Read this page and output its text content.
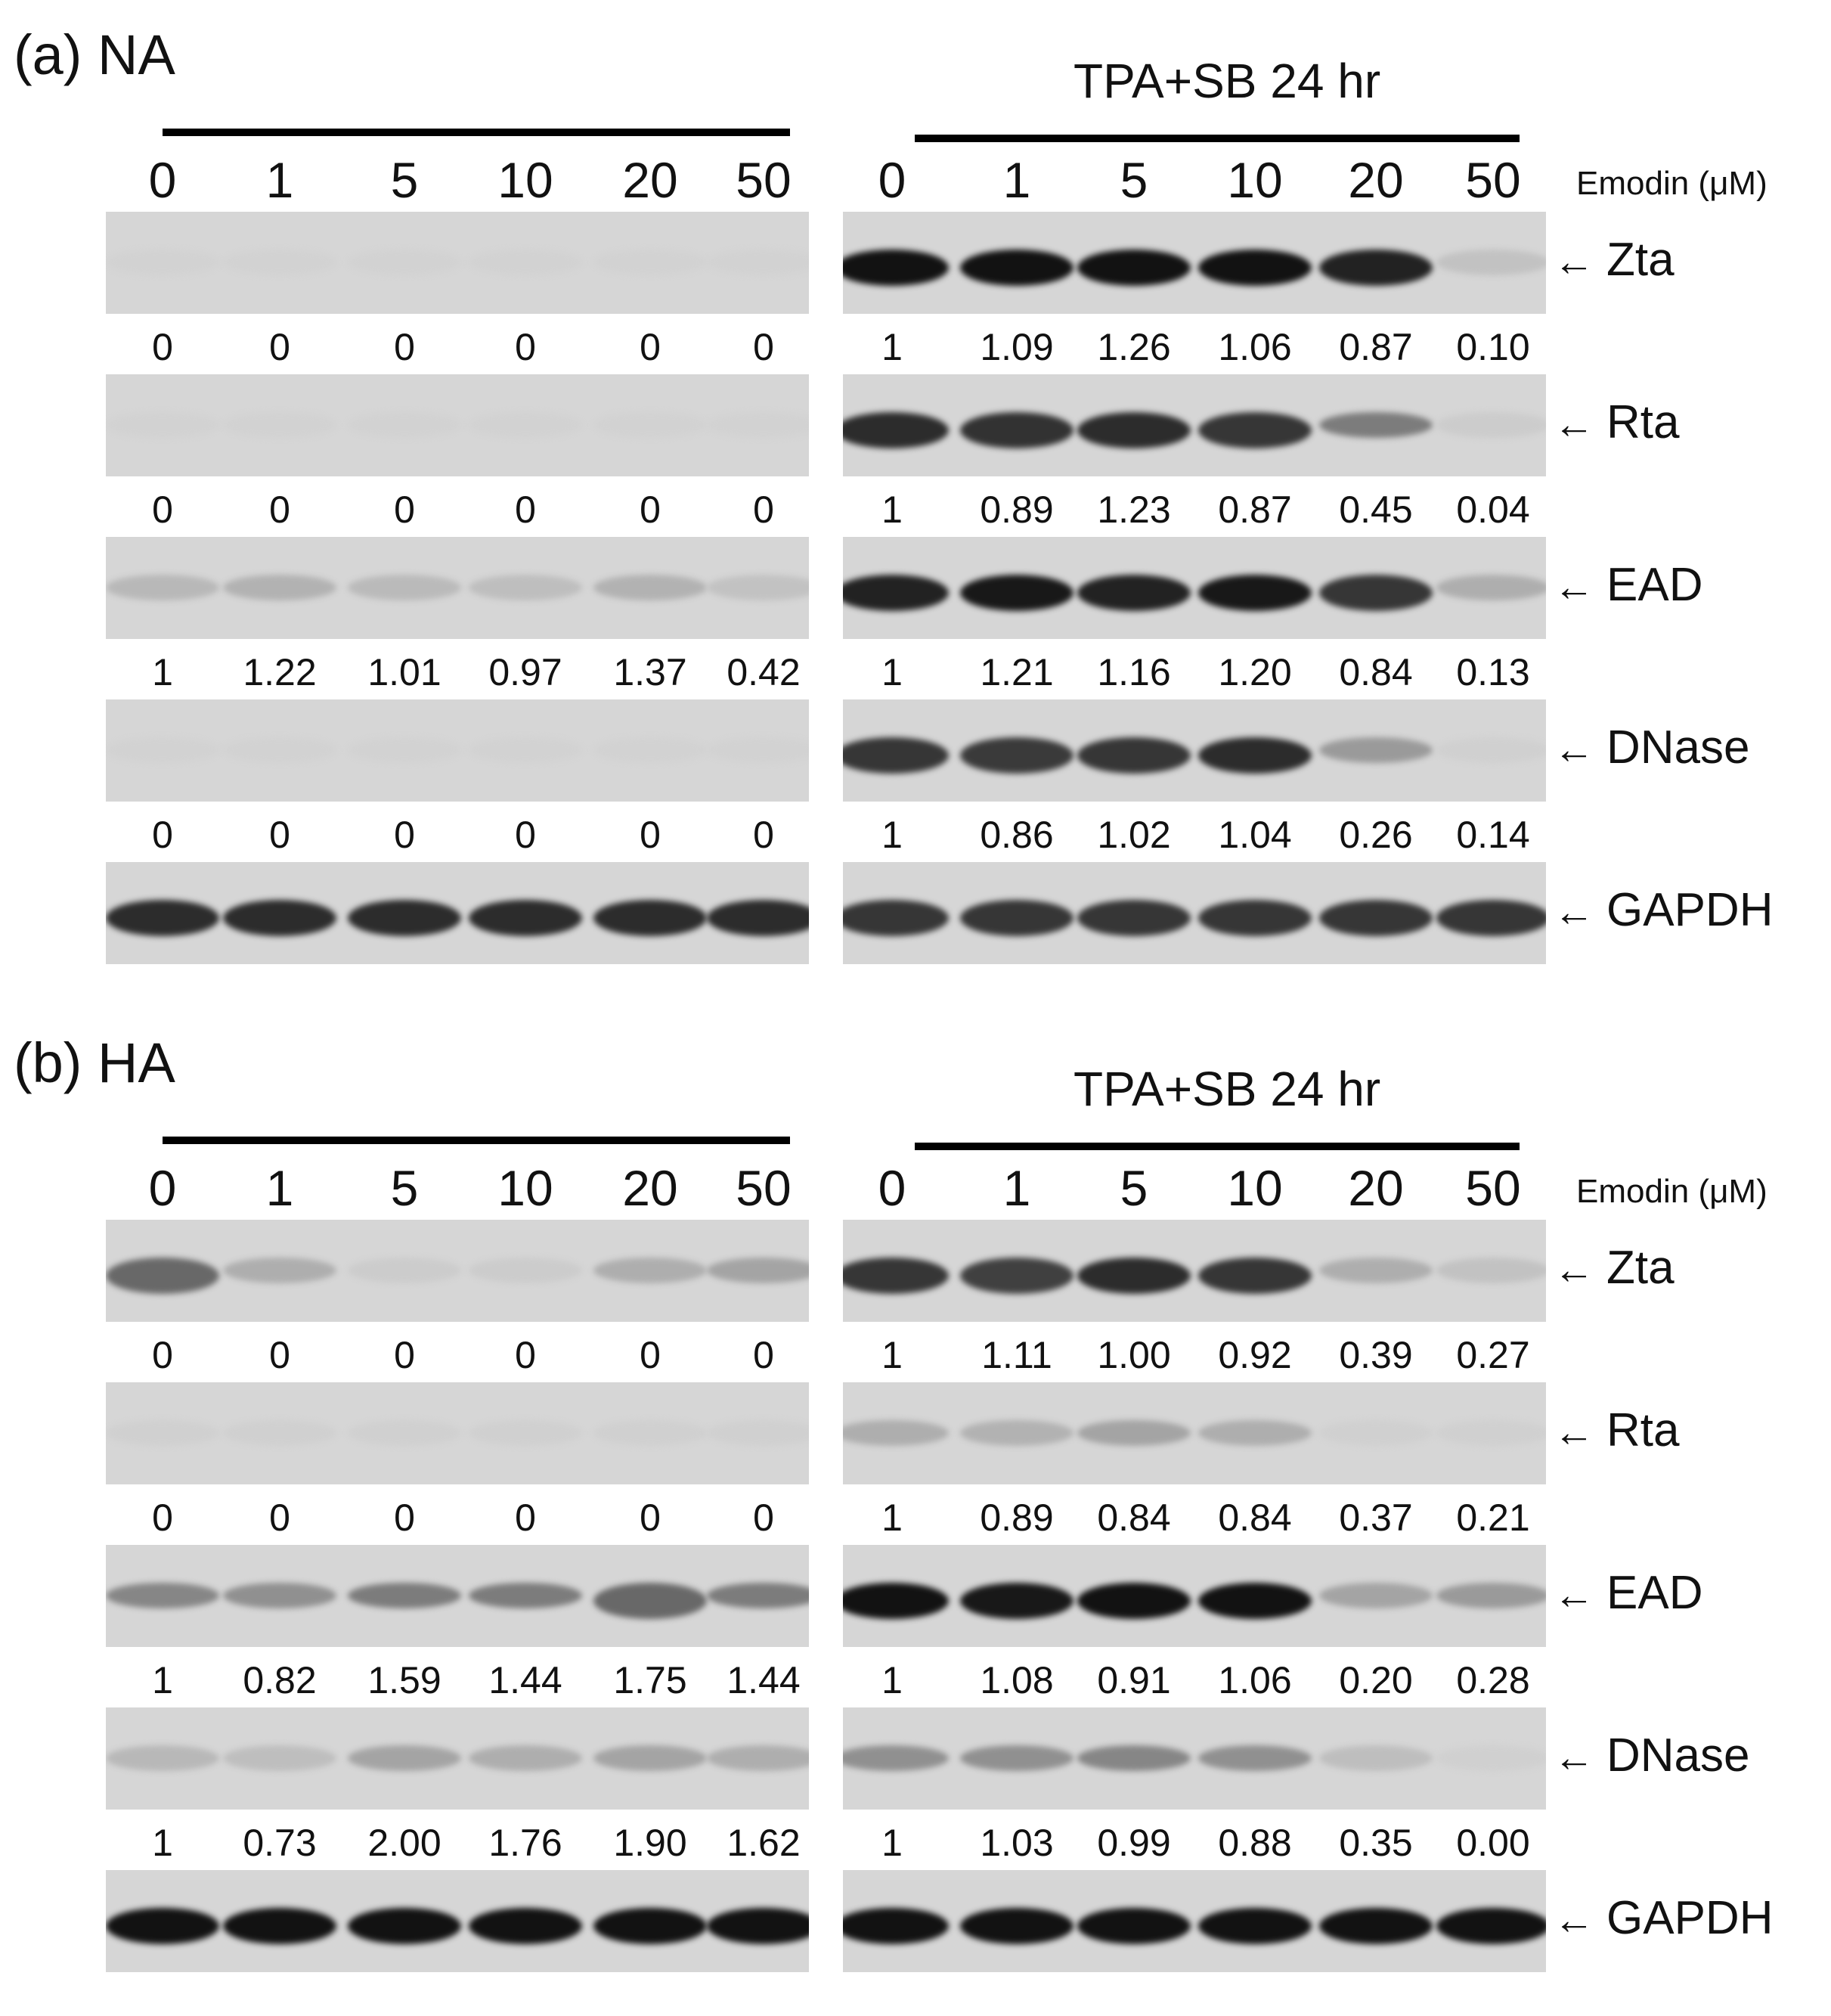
(a) NA	TPA+SB 24 hr
0	1	5	10	20	50	0	1	5	10	20	50	Emodin (μM)
0	0	0	0	0	0	1	1.09	1.26	1.06	0.87	0.10
← Zta
0	0	0	0	0	0	1	0.89	1.23	0.87	0.45	0.04
← Rta
1	1.22	1.01	0.97	1.37	0.42	1	1.21	1.16	1.20	0.84	0.13
← EAD
0	0	0	0	0	0	1	0.86	1.02	1.04	0.26	0.14
← DNase
← GAPDH
(b) HA	TPA+SB 24 hr
0	1	5	10	20	50	0	1	5	10	20	50	Emodin (μM)
0	0	0	0	0	0	1	1.11	1.00	0.92	0.39	0.27
← Zta
0	0	0	0	0	0	1	0.89	0.84	0.84	0.37	0.21
← Rta
1	0.82	1.59	1.44	1.75	1.44	1	1.08	0.91	1.06	0.20	0.28
← EAD
1	0.73	2.00	1.76	1.90	1.62	1	1.03	0.99	0.88	0.35	0.00
← DNase
← GAPDH
